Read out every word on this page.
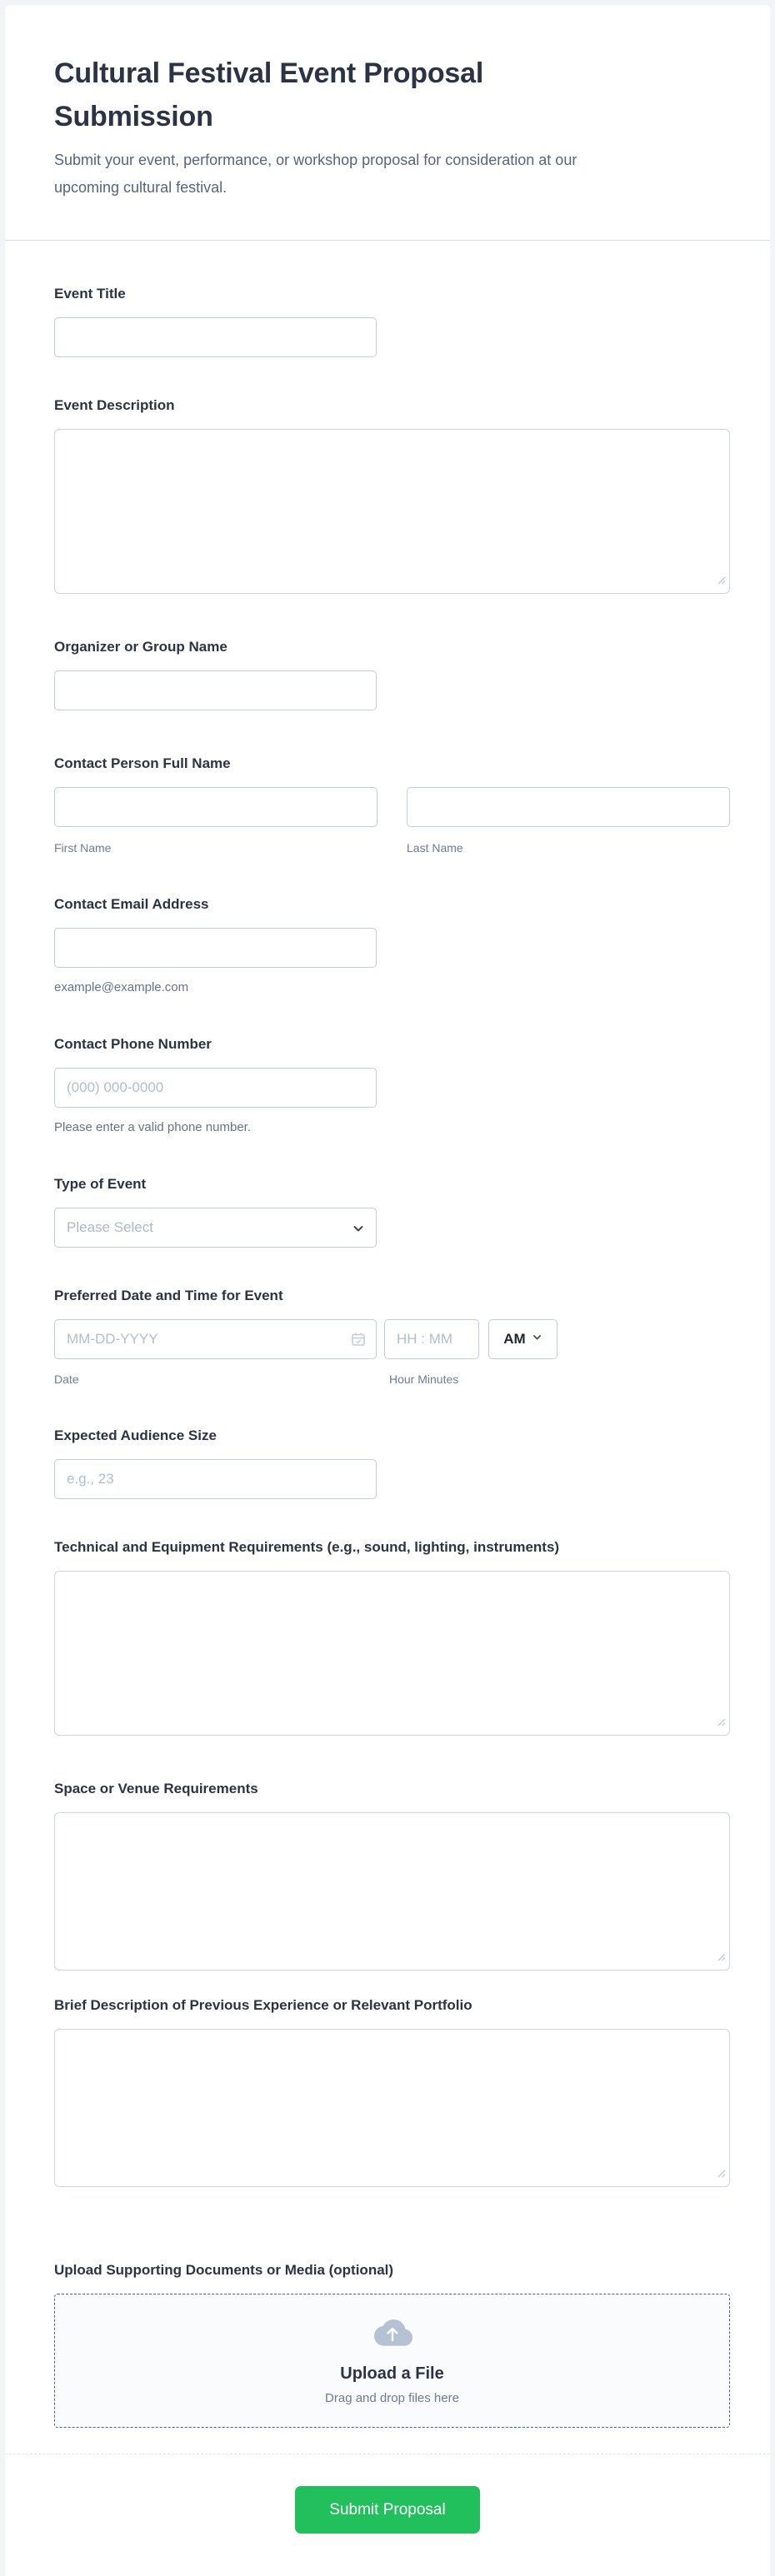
Cultural Festival Event Proposal Submission

Submit your event, performance, or workshop proposal for consideration at our upcoming cultural festival.

Event Title
Event Description
Organizer or Group Name
Contact Person Full Name
First Name	Last Name
Contact Email Address
example@example.com
Contact Phone Number
(000) 000-0000
Please enter a valid phone number.
Type of Event
Please Select
Preferred Date and Time for Event
MM-DD-YYYY
HH : MM
AM
Date	Hour Minutes
Expected Audience Size
e.g., 23
Technical and Equipment Requirements (e.g., sound, lighting, instruments)
Space or Venue Requirements
Brief Description of Previous Experience or Relevant Portfolio
Upload Supporting Documents or Media (optional)
Upload a File
Drag and drop files here
Submit Proposal
